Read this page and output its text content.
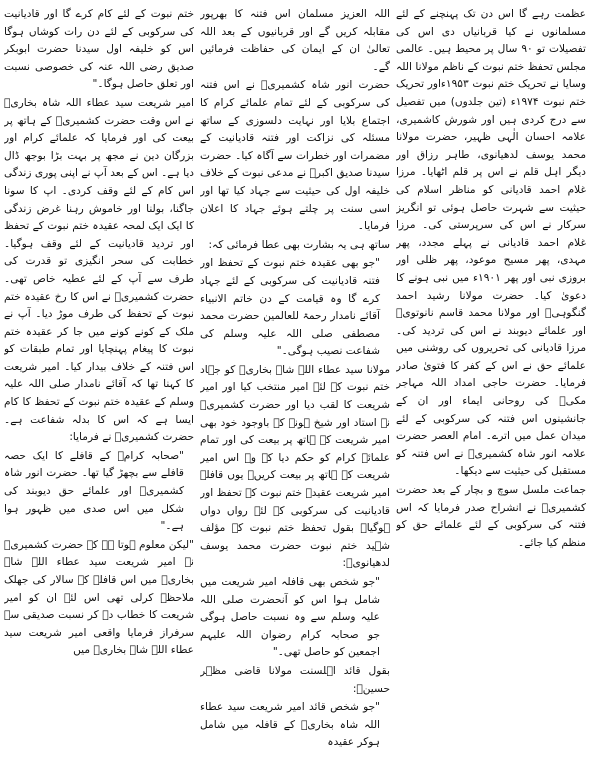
عظمت رہے گا اس دن تک پہنچنے کے لئے مسلمانوں نے کیا قربانیاں دی اس کی تفصیلات تو ۹۰ سال پر محیط ہیں۔ عالمی مجلس تحفظ ختم نبوت کے ناظم مولانا اللہ وسایا نے تحریک ختم نبوت ۱۹۵۳ءاور تحریک ختم نبوت ۱۹۷۴ء (تین جلدوں) میں تفصیل سے درج کردی ہیں اور شورش کاشمیری، علامہ احسان الٰہی ظہیر، حضرت مولانا محمد یوسف لدھیانوی، طاہر رزاق اور دیگر اہل قلم نے اس پر قلم اٹھایا۔ مرزا غلام احمد قادیانی کو مناظر اسلام کی حیثیت سے شہرت حاصل ہوئی تو انگریز سرکار نے اس کی سرپرستی کی۔ مرزا غلام احمد قادیانی نے پہلے مجدد، پھر مہدی، پھر مسیح موعود، پھر ظلی اور بروزی نبی اور پھر ۱۹۰۱ء میں نبی ہونے کا دعویٰ کیا۔ حضرت مولانا رشید احمد گنگوہیؒ اور مولانا محمد قاسم نانوتویؒ اور علمائے دیوبند نے اس کی تردید کی۔ مرزا قادیانی کی تحریروں کی روشنی میں علمائے حق نے اس کے کفر کا فتویٰ صادر فرمایا۔ حضرت حاجی امداد اللہ مہاجر مکیؒ کی روحانی ایماء اور ان کے جانشینوں اس فتنہ کی سرکوبی کے لئے میدان عمل میں اترے۔ امام العصر حضرت علامہ انور شاہ کشمیریؒ نے اس فتنہ کو مستقبل کی حیثیت سے دیکھا۔

جماعت ملسل سوچ و بچار کے بعد حضرت کشمیریؒ نے انشراح صدر فرمایا کہ اس فتنہ کی سرکوبی کے لئے علمائے حق کو منظم کیا جائے۔

اللہ العزیز مسلمان اس فتنہ کا بھرپور مقابلہ کریں گے اور قربانیوں کے بعد اللہ تعالیٰ ان کے ایمان کی حفاظت فرمائیں گے۔

حضرت انور شاہ کشمیریؒ نے اس فتنہ کی سرکوبی کے لئے تمام علمائے کرام کا اجتماع بلایا اور نہایت دلسوزی کے ساتھ مسئلہ کی نزاکت اور فتنہ قادیانیت کے مضمرات اور خطرات سے آگاہ کیا۔ حضرت سیدنا صدیق اکبرؓ نے مدعی نبوت کے خلاف خلیفہ اول کی حیثیت سے جہاد کیا تھا اور اسی سنت پر چلتے ہوئے جہاد کا اعلان فرمایا۔

ساتھ ہی یہ بشارت بھی عطا فرمائی کہ:

"جو بھی عقیدہ ختم نبوت کے تحفظ اور فتنہ قادیانیت کی سرکوبی کے لئے جہاد کرے گا وہ قیامت کے دن خاتم الانبیاء آقائے نامدار رحمۃ للعالمین حضرت محمد مصطفی صلی اللہ علیہ وسلم کی شفاعت نصیب ہوگی۔"

مولانا سید عطاء اللہ شاہ بخاریؒ کو جہاد ختم نبوت کے لئے امیر منتخب کیا اور امیر شریعت کا لقب دیا اور حضرت کشمیریؒ نے استاد اور شیخ ہونے کے باوجود خود بھی امیر شریعت کے ہاتھ پر بیعت کی اور تمام علمائے کرام کو حکم دیا کہ وہ اس امیر شریعت کے ہاتھ پر بیعت کریں۔ یوں قافلہ امیر شریعت عقیدہ ختم نبوت کے تحفظ اور قادیانیت کی سرکوبی کے لئے رواں دواں ہوگیا۔ بقول تحفظ ختم نبوت کے مؤلف شہید ختم نبوت حضرت محمد یوسف لدھیانویؒ:

"جو شخص بھی قافلہ امیر شریعت میں شامل ہوا اس کو آنحضرت صلی اللہ علیہ وسلم سے وہ نسبت حاصل ہوگی جو صحابہ کرام رضوان اللہ علیہم اجمعین کو حاصل تھی۔"

بقول قائد اہلسنت مولانا قاضی مظہر حسینؒ:

"جو شخص قائد امیر شریعت سید عطاء اللہ شاہ بخاریؒ کے قافلہ میں شامل ہوکر عقیدہ

ختم نبوت کے لئے کام کرے گا اور قادیانیت کی سرکوبی کے لئے دن رات کوشاں ہوگا اس کو خلیفہ اول سیدنا حضرت ابوبکر صدیق رضی اللہ عنہ کی خصوصی نسبت اور تعلق حاصل ہوگا۔"

امیر شریعت سید عطاء اللہ شاہ بخاریؒ نے اس وقت حضرت کشمیریؒ کے ہاتھ پر بیعت کی اور فرمایا کہ علمائے کرام اور بزرگان دین نے مجھ پر بہت بڑا بوجھ ڈال دیا ہے۔ اس کے بعد آپ نے اپنی پوری زندگی اس کام کے لئے وقف کردی۔ اپ کا سونا جاگنا، بولنا اور خاموش رہنا غرض زندگی کا ایک ایک لمحہ عقیدہ ختم نبوت کے تحفظ اور تردید قادیانیت کے لئے وقف ہوگیا۔ خطابت کی سحر انگیزی تو قدرت کی طرف سے آپ کے لئے عطیہ خاص تھی۔ حضرت کشمیریؒ نے اس کا رخ عقیدہ ختم نبوت کے تحفظ کی طرف موڑ دیا۔ آپ نے ملک کے کونے کونے میں جا کر عقیدہ ختم نبوت کا پیغام پہنچایا اور تمام طبقات کو اس فتنہ کے خلاف بیدار کیا۔ امیر شریعت کا کہنا تھا کہ آقائے نامدار صلی اللہ علیہ وسلم کے عقیدہ ختم نبوت کے تحفظ کا کام ایسا ہے کہ اس کا بدلہ شفاعت ہے۔ حضرت کشمیریؒ نے فرمایا:

"صحابہ کرامؓ کے قافلے کا ایک حصہ قافلے سے بچھڑ گیا تھا۔ حضرت انور شاہ کشمیریؒ اور علمائے حق دیوبند کی شکل میں اس صدی میں ظہور ہوا ہے۔"

"لیکن معلوم ہوتا ہے کہ حضرت کشمیریؒ نے امیر شریعت سید عطاء اللہ شاہ بخاریؒ میں اس قافلے کے سالار کی جھلک ملاحظہ کرلی تھی اس لئے ان کو امیر شریعت کا خطاب دے کر نسبت صدیقی سے سرفراز فرمایا واقعی امیر شریعت سید عطاء اللہ شاہ بخاریؒ میں
